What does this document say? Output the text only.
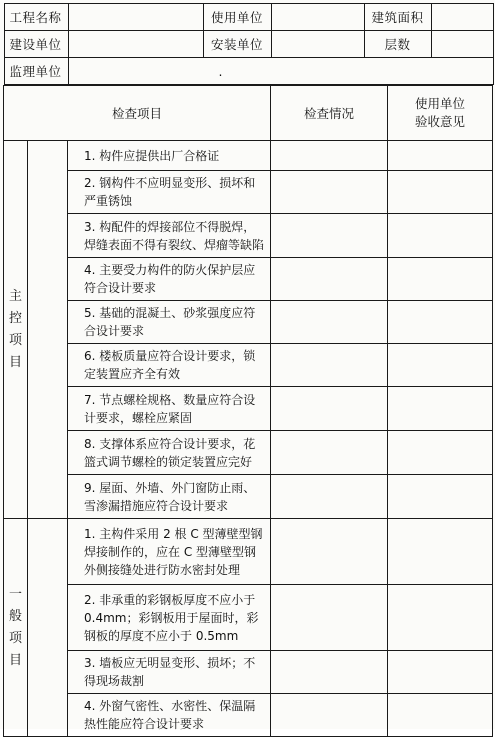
工程名称		使用单位		建筑面积	
建设单位		安装单位		层数	
监理单位	.

检查项目	检查情况	
使用单位
验收意见

主控项目
		1. 构件应提供出厂合格证		
2. 钢构件不应明显变形、损坏和严重锈蚀		
3. 构配件的焊接部位不得脱焊，焊缝表面不得有裂纹、焊瘤等缺陷		
4. 主要受力构件的防火保护层应符合设计要求		
5. 基础的混凝土、砂浆强度应符合设计要求		
6. 楼板质量应符合设计要求，锁定装置应齐全有效		
7. 节点螺栓规格、数量应符合设计要求，螺栓应紧固		
8. 支撑体系应符合设计要求，花篮式调节螺栓的锁定装置应完好		
9. 屋面、外墙、外门窗防止雨、雪渗漏措施应符合设计要求		

一般项目
		1. 主构件采用 2 根 C 型薄壁型钢焊接制作的，应在 C 型薄壁型钢外侧接缝处进行防水密封处理		
2. 非承重的彩钢板厚度不应小于 0.4mm；彩钢板用于屋面时，彩钢板的厚度不应小于 0.5mm		
3. 墙板应无明显变形、损坏；不得现场裁割		
4. 外窗气密性、水密性、保温隔热性能应符合设计要求		
